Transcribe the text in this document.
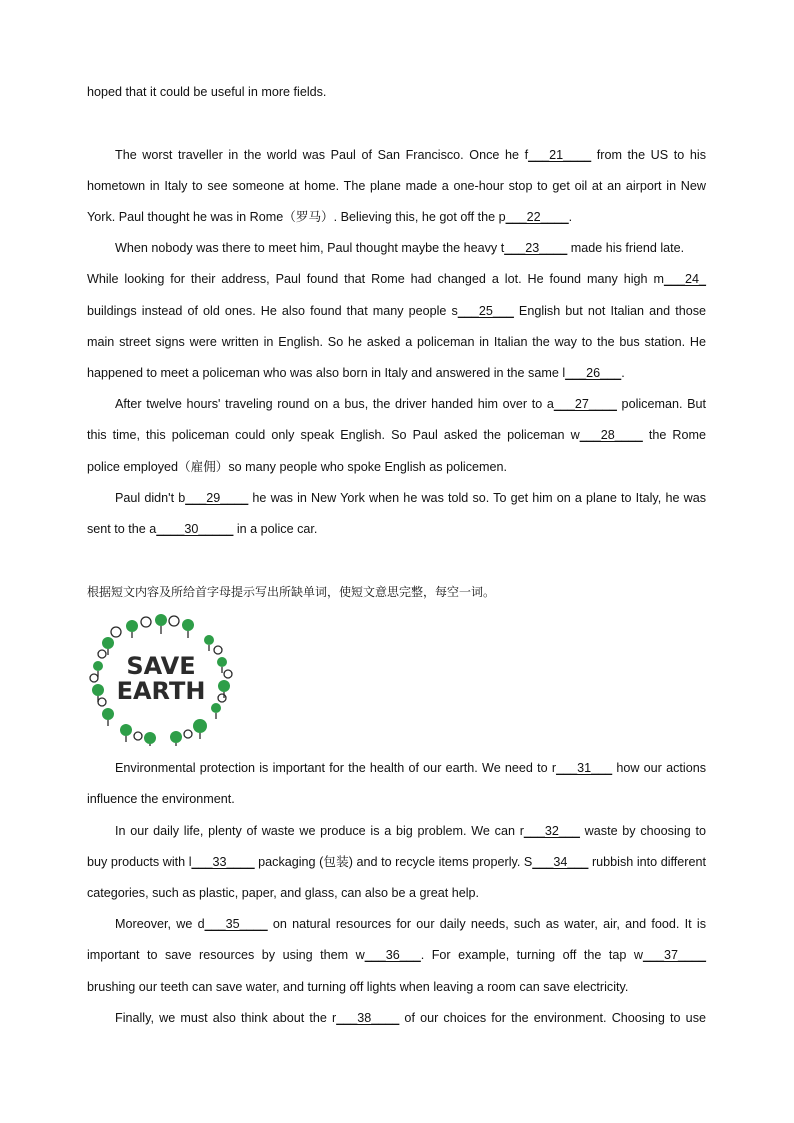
hoped that it could be useful in more fields.
The worst traveller in the world was Paul of San Francisco. Once he f___21____ from the US to his
hometown in Italy to see someone at home. The plane made a one-hour stop to get oil at an airport in New
York. Paul thought he was in Rome（罗马）. Believing this, he got off the p___22____.
When nobody was there to meet him, Paul thought maybe the heavy t___23____ made his friend late.
While looking for their address, Paul found that Rome had changed a lot. He found many high m___24_
buildings instead of old ones. He also found that many people s___25___ English but not Italian and those
main street signs were written in English. So he asked a policeman in Italian the way to the bus station. He
happened to meet a policeman who was also born in Italy and answered in the same l___26___.
After twelve hours' traveling round on a bus, the driver handed him over to a___27____ policeman. But
this time, this policeman could only speak English. So Paul asked the policeman w___28____ the Rome
police employed（雇佣）so many people who spoke English as policemen.
Paul didn't b___29____ he was in New York when he was told so. To get him on a plane to Italy, he was
sent to the a____30_____ in a police car.
根据短文内容及所给首字母提示写出所缺单词，使短文意思完整，每空一词。
SAVE
EARTH
Environmental protection is important for the health of our earth. We need to r___31___ how our actions
influence the environment.
In our daily life, plenty of waste we produce is a big problem. We can r___32___ waste by choosing to
buy products with l___33____ packaging (包装) and to recycle items properly. S___34___ rubbish into different
categories, such as plastic, paper, and glass, can also be a great help.
Moreover, we d___35____ on natural resources for our daily needs, such as water, air, and food. It is
important to save resources by using them w___36___. For example, turning off the tap w___37____
brushing our teeth can save water, and turning off lights when leaving a room can save electricity.
Finally, we must also think about the r___38____ of our choices for the environment. Choosing to use
